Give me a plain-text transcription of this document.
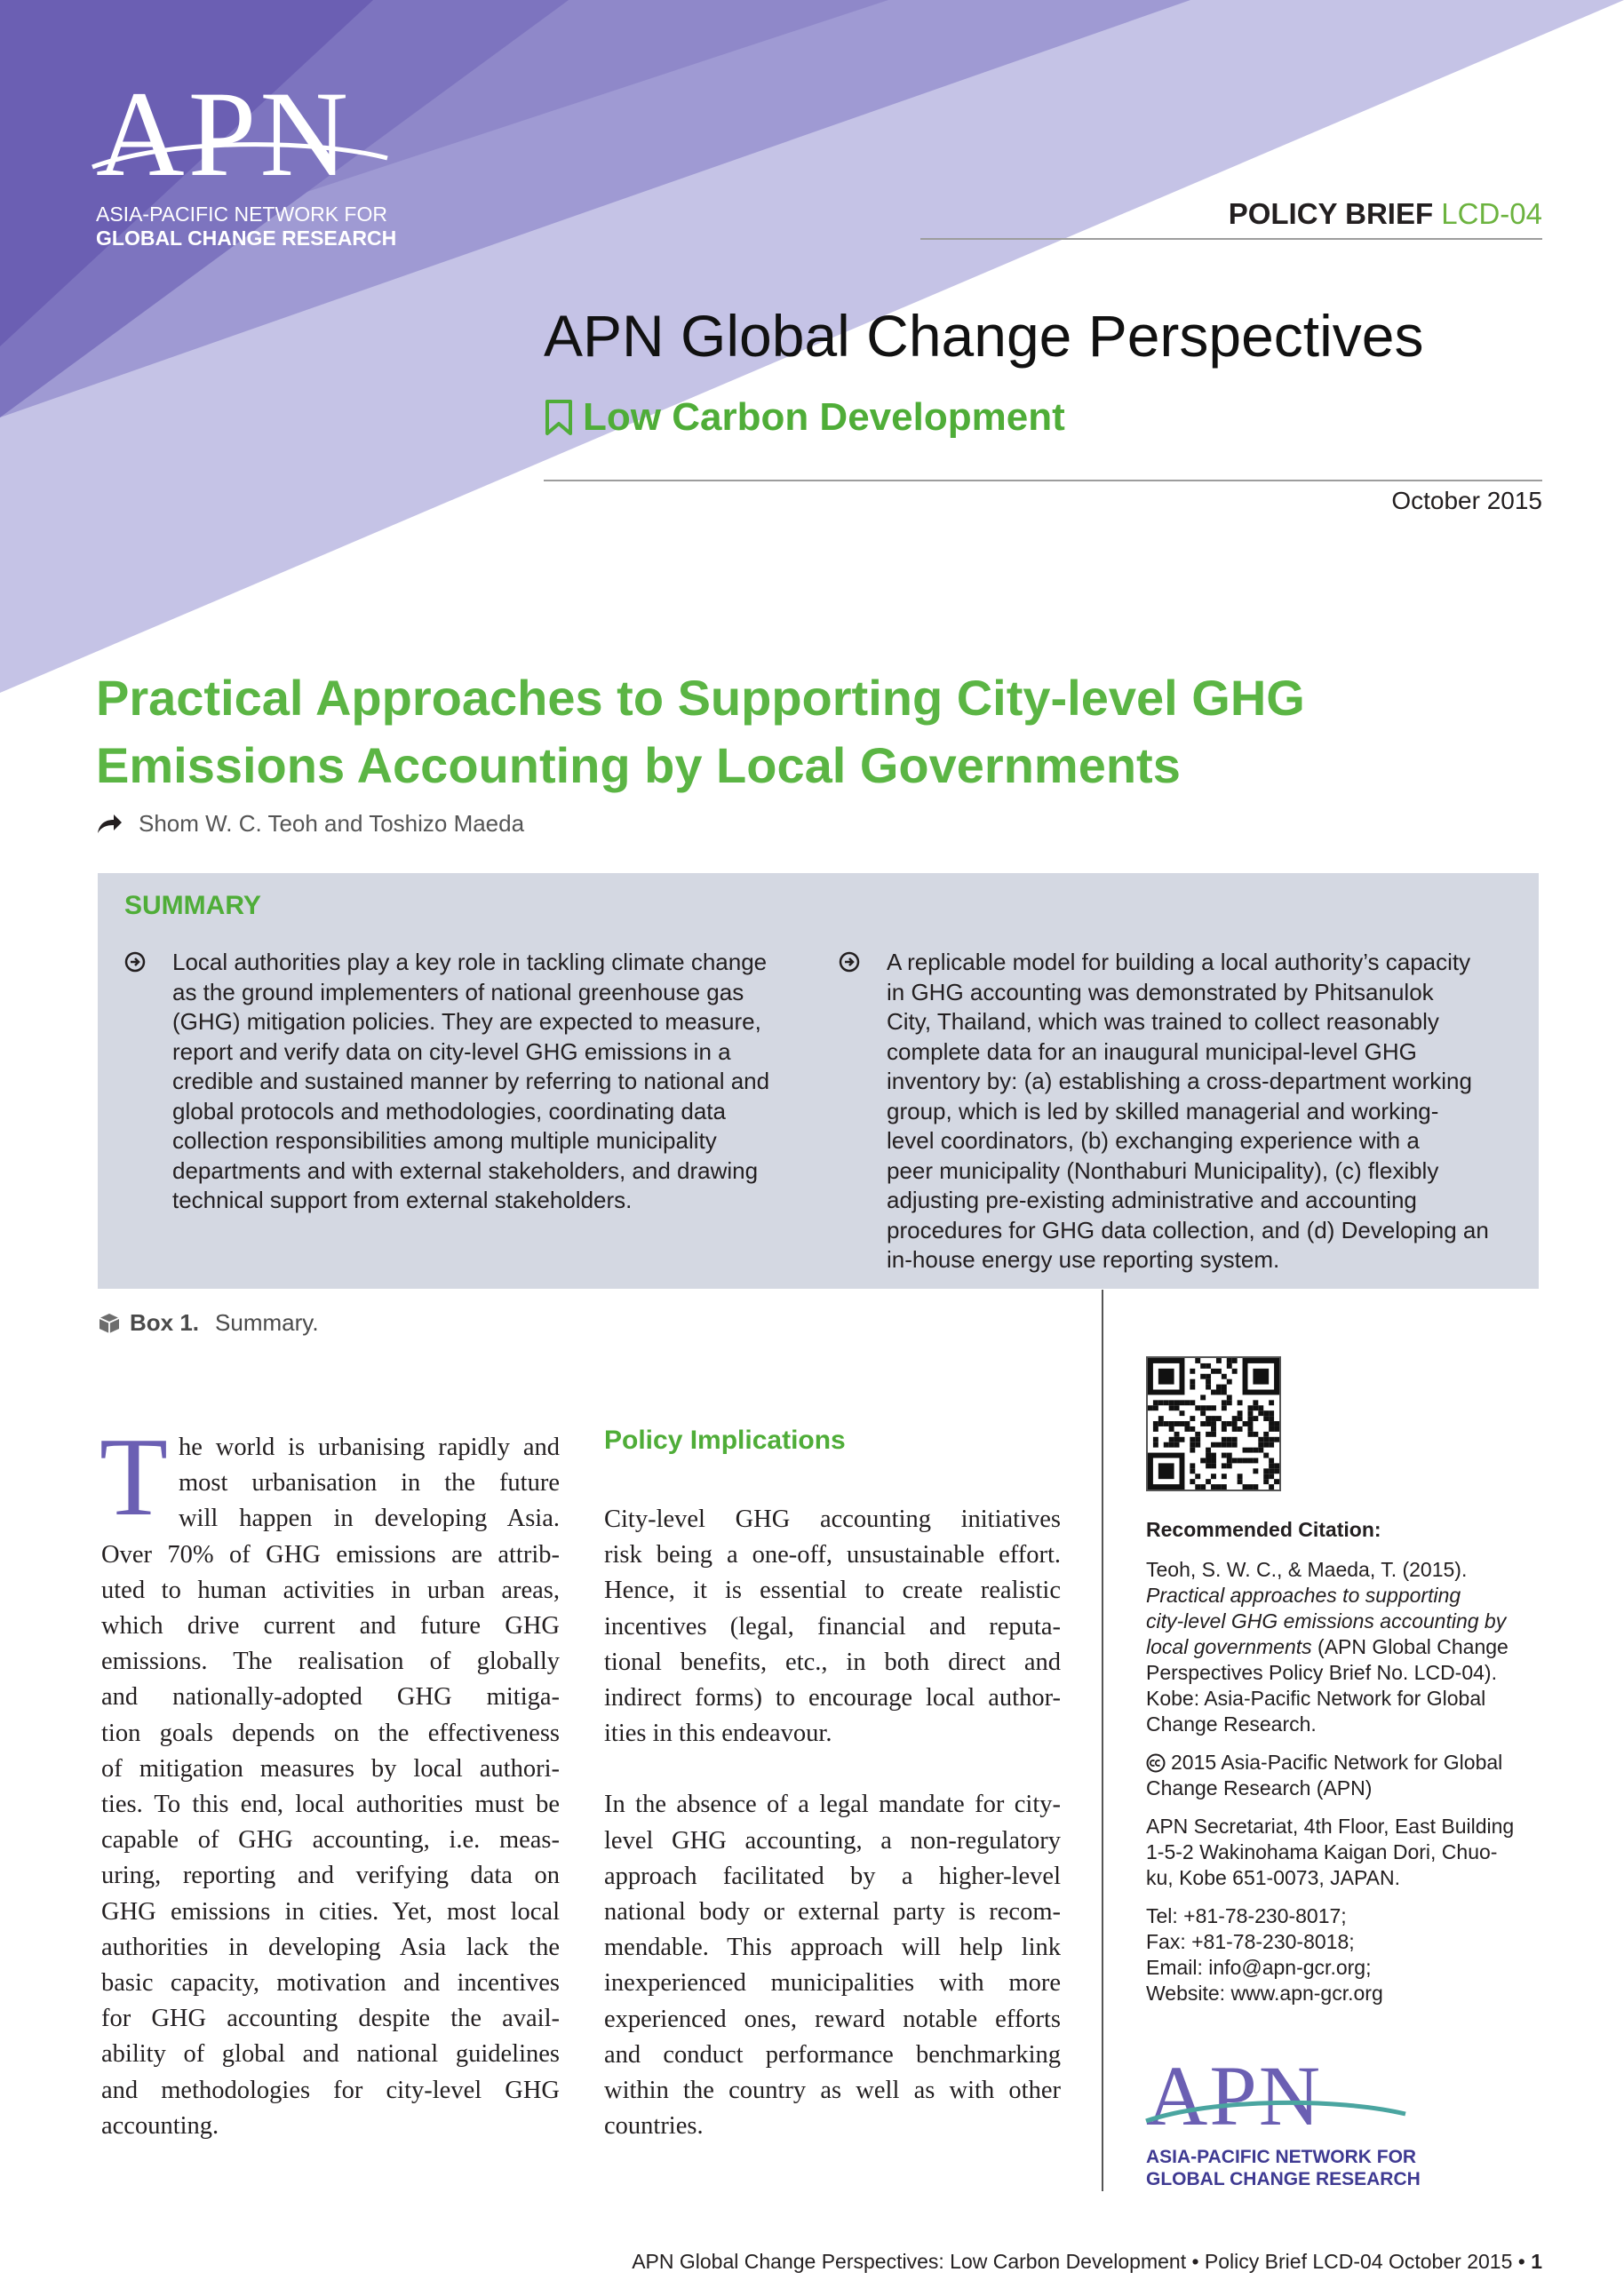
APN
ASIA-PACIFIC NETWORK FOR
GLOBAL CHANGE RESEARCH
POLICY BRIEF LCD-04
APN Global Change Perspectives
Low Carbon Development
October 2015
Practical Approaches to Supporting City-level GHG
Emissions Accounting by Local Governments
Shom W. C. Teoh and Toshizo Maeda
SUMMARY
Local authorities play a key role in tackling climate change
as the ground implementers of national greenhouse gas
(GHG) mitigation policies. They are expected to measure,
report and verify data on city-level GHG emissions in a
credible and sustained manner by referring to national and
global protocols and methodologies, coordinating data
collection responsibilities among multiple municipality
departments and with external stakeholders, and drawing
technical support from external stakeholders.
A replicable model for building a local authority’s capacity
in GHG accounting was demonstrated by Phitsanulok
City, Thailand, which was trained to collect reasonably
complete data for an inaugural municipal-level GHG
inventory by: (a) establishing a cross-department working
group, which is led by skilled managerial and working-
level coordinators, (b) exchanging experience with a
peer municipality (Nonthaburi Municipality), (c) flexibly
adjusting pre-existing administrative and accounting
procedures for GHG data collection, and (d) Developing an
in-house energy use reporting system.
Box 1. Summary.
T he world is urbanising rapidly and
most urbanisation in the future
will happen in developing Asia.
Over 70% of GHG emissions are attrib-
uted to human activities in urban areas,
which drive current and future GHG
emissions. The realisation of globally
and nationally-adopted GHG mitiga-
tion goals depends on the effectiveness
of mitigation measures by local authori-
ties. To this end, local authorities must be
capable of GHG accounting, i.e. meas-
uring, reporting and verifying data on
GHG emissions in cities. Yet, most local
authorities in developing Asia lack the
basic capacity, motivation and incentives
for GHG accounting despite the avail-
ability of global and national guidelines
and methodologies for city-level GHG
accounting.
Policy Implications
City-level GHG accounting initiatives
risk being a one-off, unsustainable effort.
Hence, it is essential to create realistic
incentives (legal, financial and reputa-
tional benefits, etc., in both direct and
indirect forms) to encourage local author-
ities in this endeavour.
In the absence of a legal mandate for city-
level GHG accounting, a non-regulatory
approach facilitated by a higher-level
national body or external party is recom-
mendable. This approach will help link
inexperienced municipalities with more
experienced ones, reward notable efforts
and conduct performance benchmarking
within the country as well as with other
countries.
Recommended Citation:
Teoh, S. W. C., & Maeda, T. (2015).
Practical approaches to supporting
city-level GHG emissions accounting by
local governments (APN Global Change
Perspectives Policy Brief No. LCD-04).
Kobe: Asia-Pacific Network for Global
Change Research.
2015 Asia-Pacific Network for Global
Change Research (APN)
APN Secretariat, 4th Floor, East Building
1-5-2 Wakinohama Kaigan Dori, Chuo-
ku, Kobe 651-0073, JAPAN.
Tel: +81-78-230-8017;
Fax: +81-78-230-8018;
Email: info@apn-gcr.org;
Website: www.apn-gcr.org
APN
ASIA-PACIFIC NETWORK FOR
GLOBAL CHANGE RESEARCH
APN Global Change Perspectives: Low Carbon Development • Policy Brief LCD-04 October 2015 • 1
